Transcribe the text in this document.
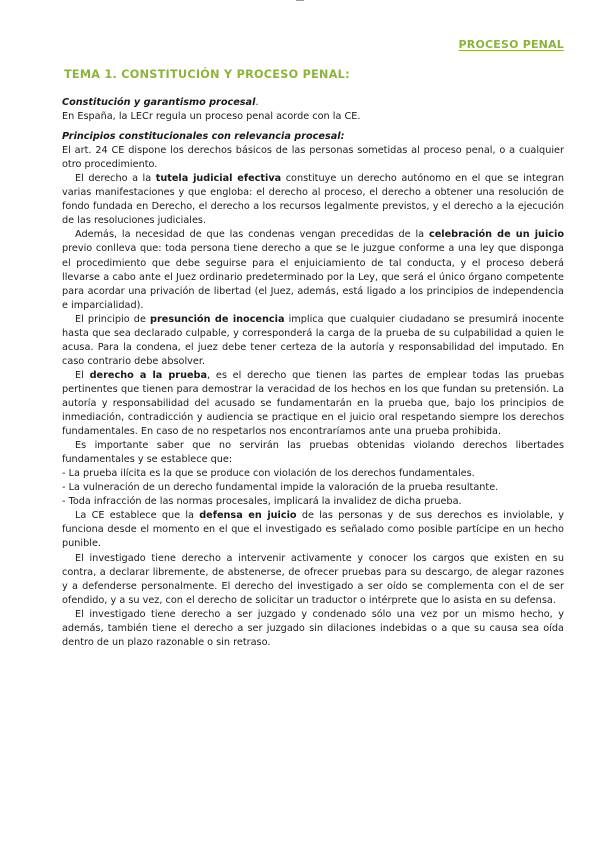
PROCESO PENAL
TEMA 1. CONSTITUCIÓN Y PROCESO PENAL:

Constitución y garantismo procesal.

En España, la LECr regula un proceso penal acorde con la CE.

Principios constitucionales con relevancia procesal:

El art. 24 CE dispone los derechos básicos de las personas sometidas al proceso penal, o a cualquier otro procedimiento.

El derecho a la tutela judicial efectiva constituye un derecho autónomo en el que se integran varias manifestaciones y que engloba: el derecho al proceso, el derecho a obtener una resolución de fondo fundada en Derecho, el derecho a los recursos legalmente previstos, y el derecho a la ejecución de las resoluciones judiciales.

Además, la necesidad de que las condenas vengan precedidas de la celebración de un juicio previo conlleva que: toda persona tiene derecho a que se le juzgue conforme a una ley que disponga el procedimiento que debe seguirse para el enjuiciamiento de tal conducta, y el proceso deberá llevarse a cabo ante el Juez ordinario predeterminado por la Ley, que será el único órgano competente para acordar una privación de libertad (el Juez, además, está ligado a los principios de independencia e imparcialidad).

El principio de presunción de inocencia implica que cualquier ciudadano se presumirá inocente hasta que sea declarado culpable, y corresponderá la carga de la prueba de su culpabilidad a quien le acusa. Para la condena, el juez debe tener certeza de la autoría y responsabilidad del imputado. En caso contrario debe absolver.

El derecho a la prueba, es el derecho que tienen las partes de emplear todas las pruebas pertinentes que tienen para demostrar la veracidad de los hechos en los que fundan su pretensión. La autoría y responsabilidad del acusado se fundamentarán en la prueba que, bajo los principios de inmediación, contradicción y audiencia se practique en el juicio oral respetando siempre los derechos fundamentales. En caso de no respetarlos nos encontraríamos ante una prueba prohibida.

Es importante saber que no servirán las pruebas obtenidas violando derechos libertades fundamentales y se establece que:

- La prueba ilícita es la que se produce con violación de los derechos fundamentales.

- La vulneración de un derecho fundamental impide la valoración de la prueba resultante.

- Toda infracción de las normas procesales, implicará la invalidez de dicha prueba.

La CE establece que la defensa en juicio de las personas y de sus derechos es inviolable, y funciona desde el momento en el que el investigado es señalado como posible partícipe en un hecho punible.

El investigado tiene derecho a intervenir activamente y conocer los cargos que existen en su contra, a declarar libremente, de abstenerse, de ofrecer pruebas para su descargo, de alegar razones y a defenderse personalmente. El derecho del investigado a ser oído se complementa con el de ser ofendido, y a su vez, con el derecho de solicitar un traductor o intérprete que lo asista en su defensa.

El investigado tiene derecho a ser juzgado y condenado sólo una vez por un mismo hecho, y además, también tiene el derecho a ser juzgado sin dilaciones indebidas o a que su causa sea oída dentro de un plazo razonable o sin retraso.
